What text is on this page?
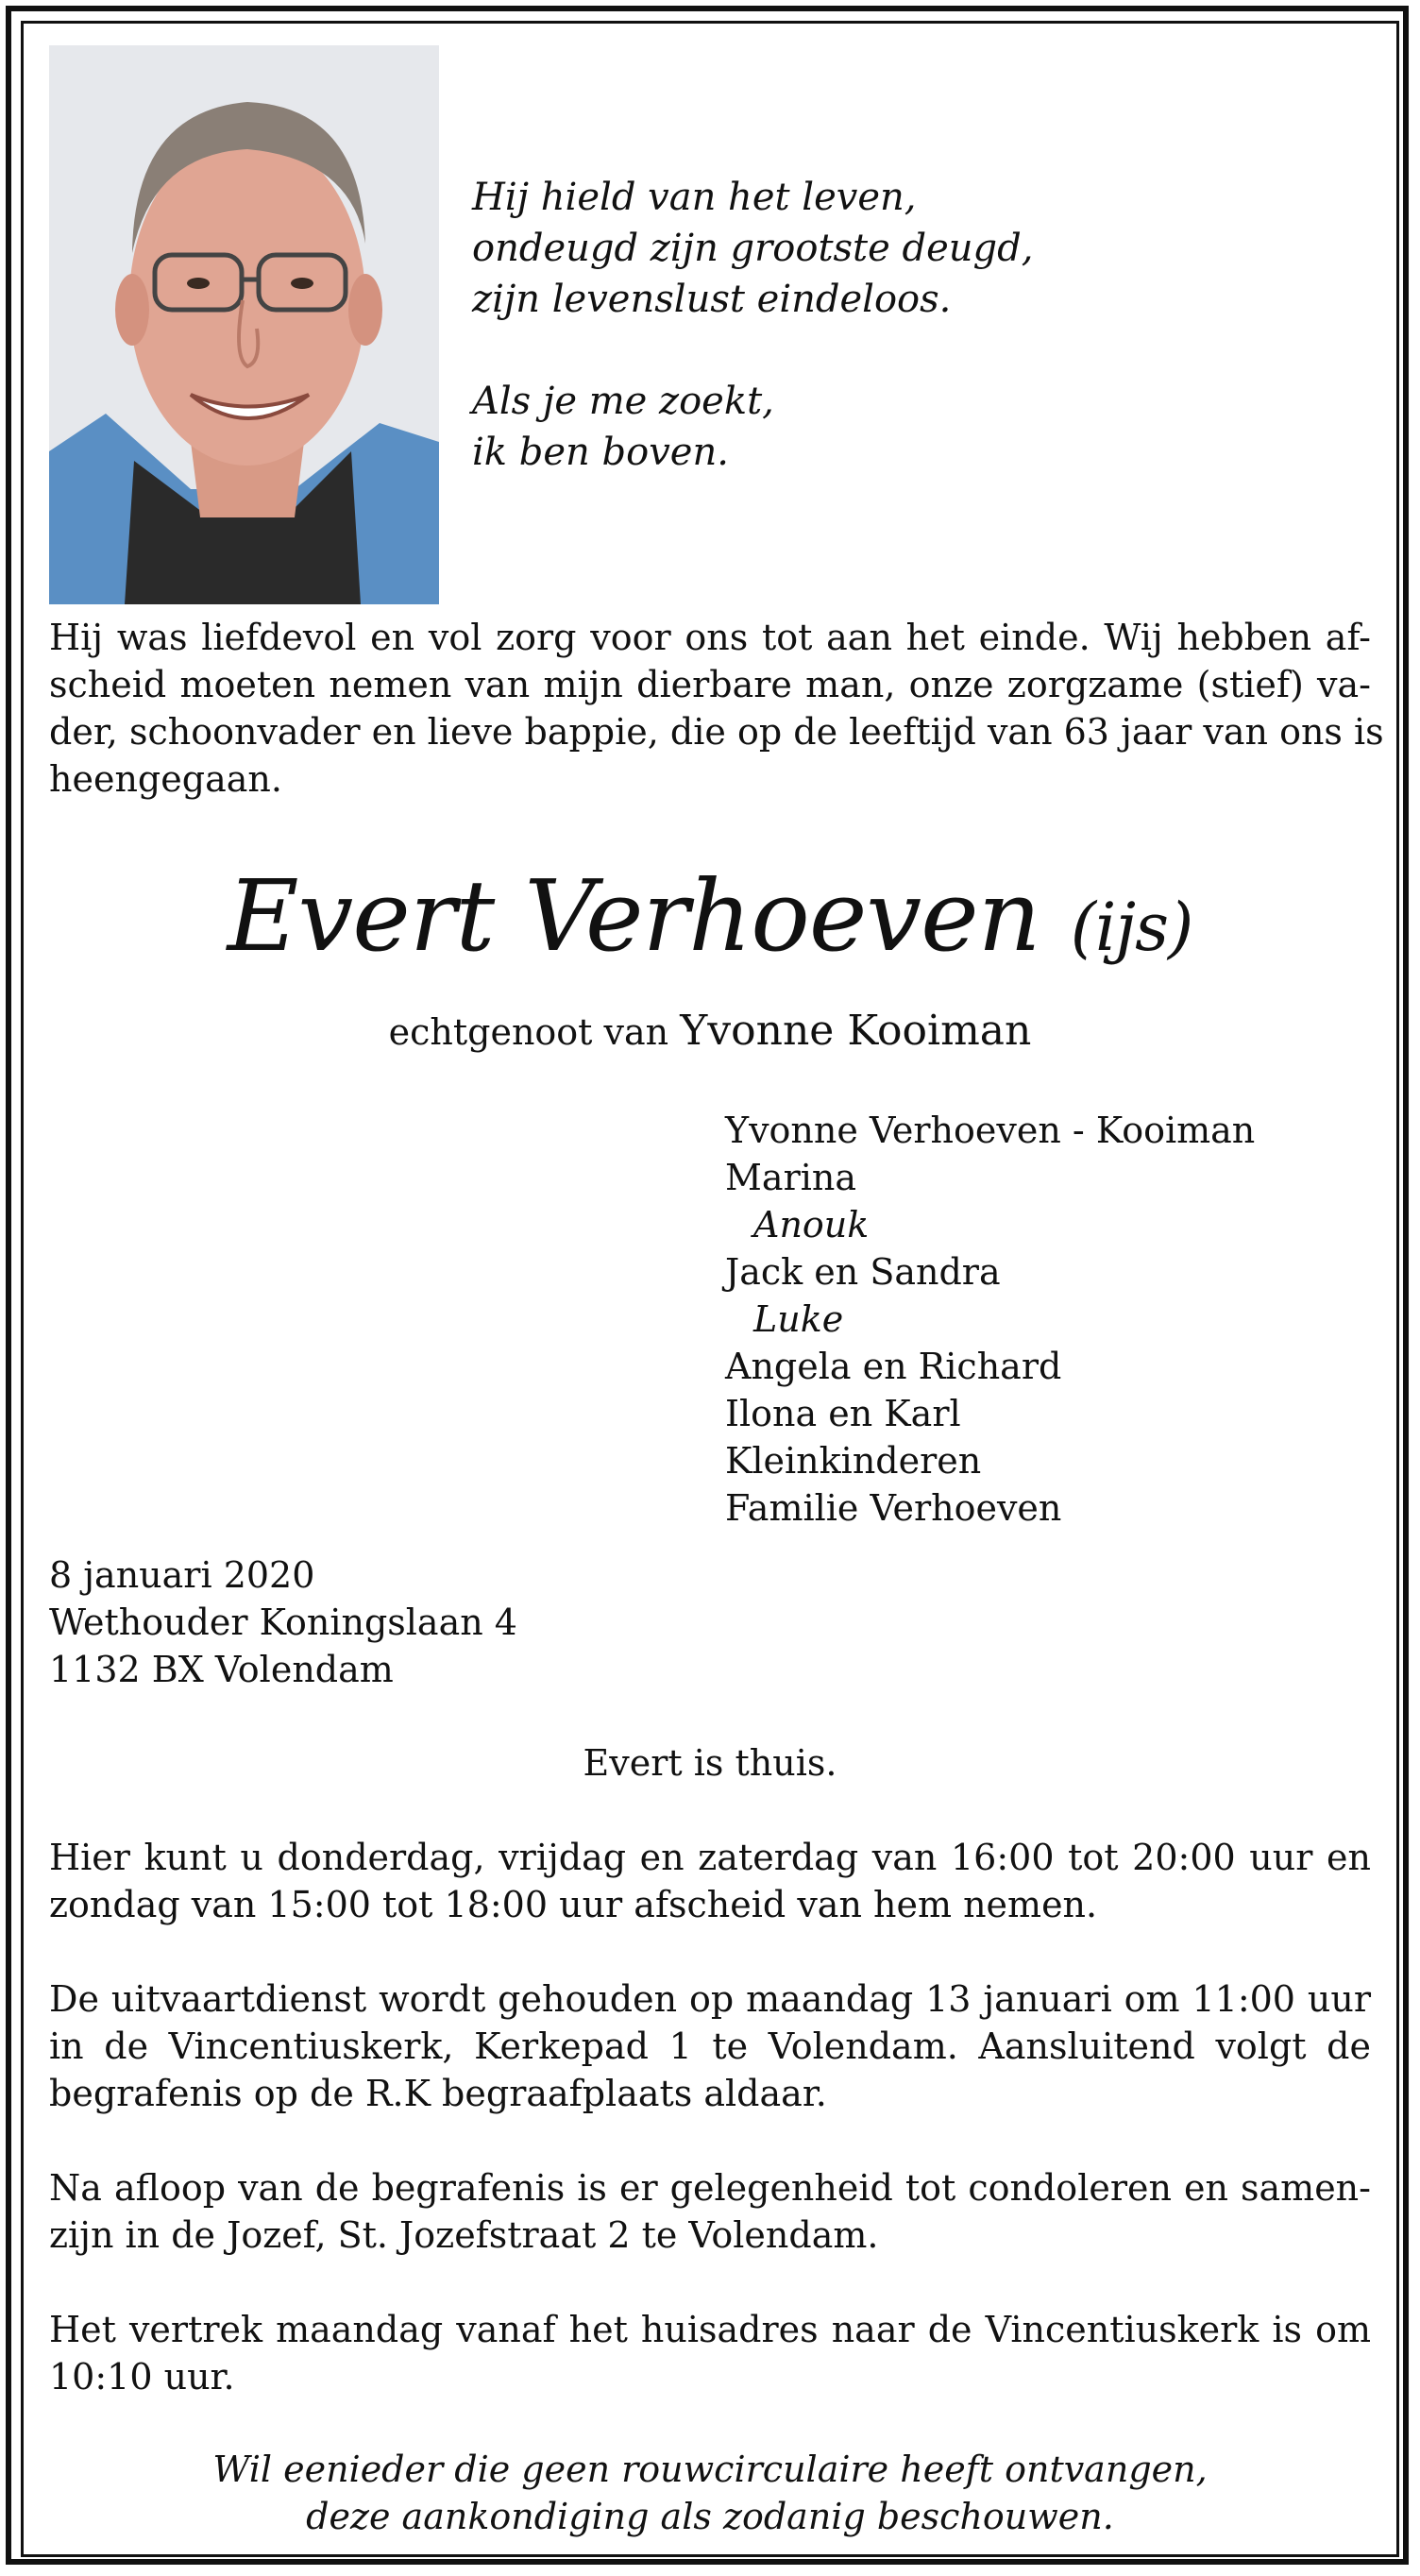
Hij hield van het leven,
ondeugd zijn grootste deugd,
zijn levenslust eindeloos.
Als je me zoekt,
ik ben boven.
Hij was liefdevol en vol zorg voor ons tot aan het einde. Wij hebben af-
scheid moeten nemen van mijn dierbare man, onze zorgzame (stief) va-
der, schoonvader en lieve bappie, die op de leeftijd van 63 jaar van ons is
heengegaan.
Evert Verhoeven (ijs)
echtgenoot van Yvonne Kooiman
Yvonne Verhoeven - Kooiman
Marina
Anouk
Jack en Sandra
Luke
Angela en Richard
Ilona en Karl
Kleinkinderen
Familie Verhoeven
8 januari 2020
Wethouder Koningslaan 4
1132 BX Volendam
Evert is thuis.
Hier kunt u donderdag, vrijdag en zaterdag van 16:00 tot 20:00 uur en
zondag van 15:00 tot 18:00 uur afscheid van hem nemen.
De uitvaartdienst wordt gehouden op maandag 13 januari om 11:00 uur
in de Vincentiuskerk, Kerkepad 1 te Volendam. Aansluitend volgt de
begrafenis op de R.K begraafplaats aldaar.
Na afloop van de begrafenis is er gelegenheid tot condoleren en samen-
zijn in de Jozef, St. Jozefstraat 2 te Volendam.
Het vertrek maandag vanaf het huisadres naar de Vincentiuskerk is om
10:10 uur.
Wil eenieder die geen rouwcirculaire heeft ontvangen,
deze aankondiging als zodanig beschouwen.
